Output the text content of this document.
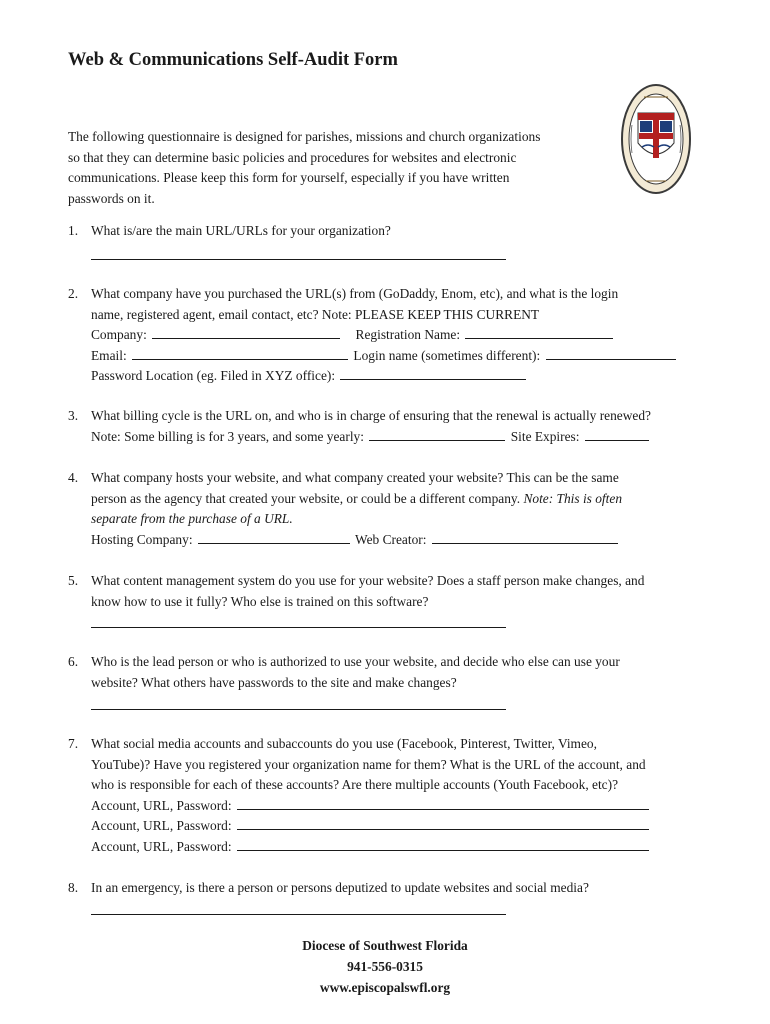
Web & Communications Self-Audit Form
The following questionnaire is designed for parishes, missions and church organizations
so that they can determine basic policies and procedures for websites and electronic
communications. Please keep this form for yourself, especially if you have written
passwords on it.
1. What is/are the main URL/URLs for your organization?
2. What company have you purchased the URL(s) from (GoDaddy, Enom, etc), and what is the login
name, registered agent, email contact, etc? Note: PLEASE KEEP THIS CURRENT
Company:	Registration Name:
Email:	Login name (sometimes different):
Password Location (eg. Filed in XYZ office):
3. What billing cycle is the URL on, and who is in charge of ensuring that the renewal is actually renewed?
Note: Some billing is for 3 years, and some yearly:	Site Expires:
4. What company hosts your website, and what company created your website? This can be the same
person as the agency that created your website, or could be a different company. Note: This is often
separate from the purchase of a URL.
Hosting Company:	Web Creator:
5. What content management system do you use for your website? Does a staff person make changes, and
know how to use it fully? Who else is trained on this software?
6. Who is the lead person or who is authorized to use your website, and decide who else can use your
website? What others have passwords to the site and make changes?
7. What social media accounts and subaccounts do you use (Facebook, Pinterest, Twitter, Vimeo,
YouTube)? Have you registered your organization name for them? What is the URL of the account, and
who is responsible for each of these accounts? Are there multiple accounts (Youth Facebook, etc)?
Account, URL, Password:
Account, URL, Password:
Account, URL, Password:
8. In an emergency, is there a person or persons deputized to update websites and social media?
Diocese of Southwest Florida
941-556-0315
www.episcopalswfl.org
